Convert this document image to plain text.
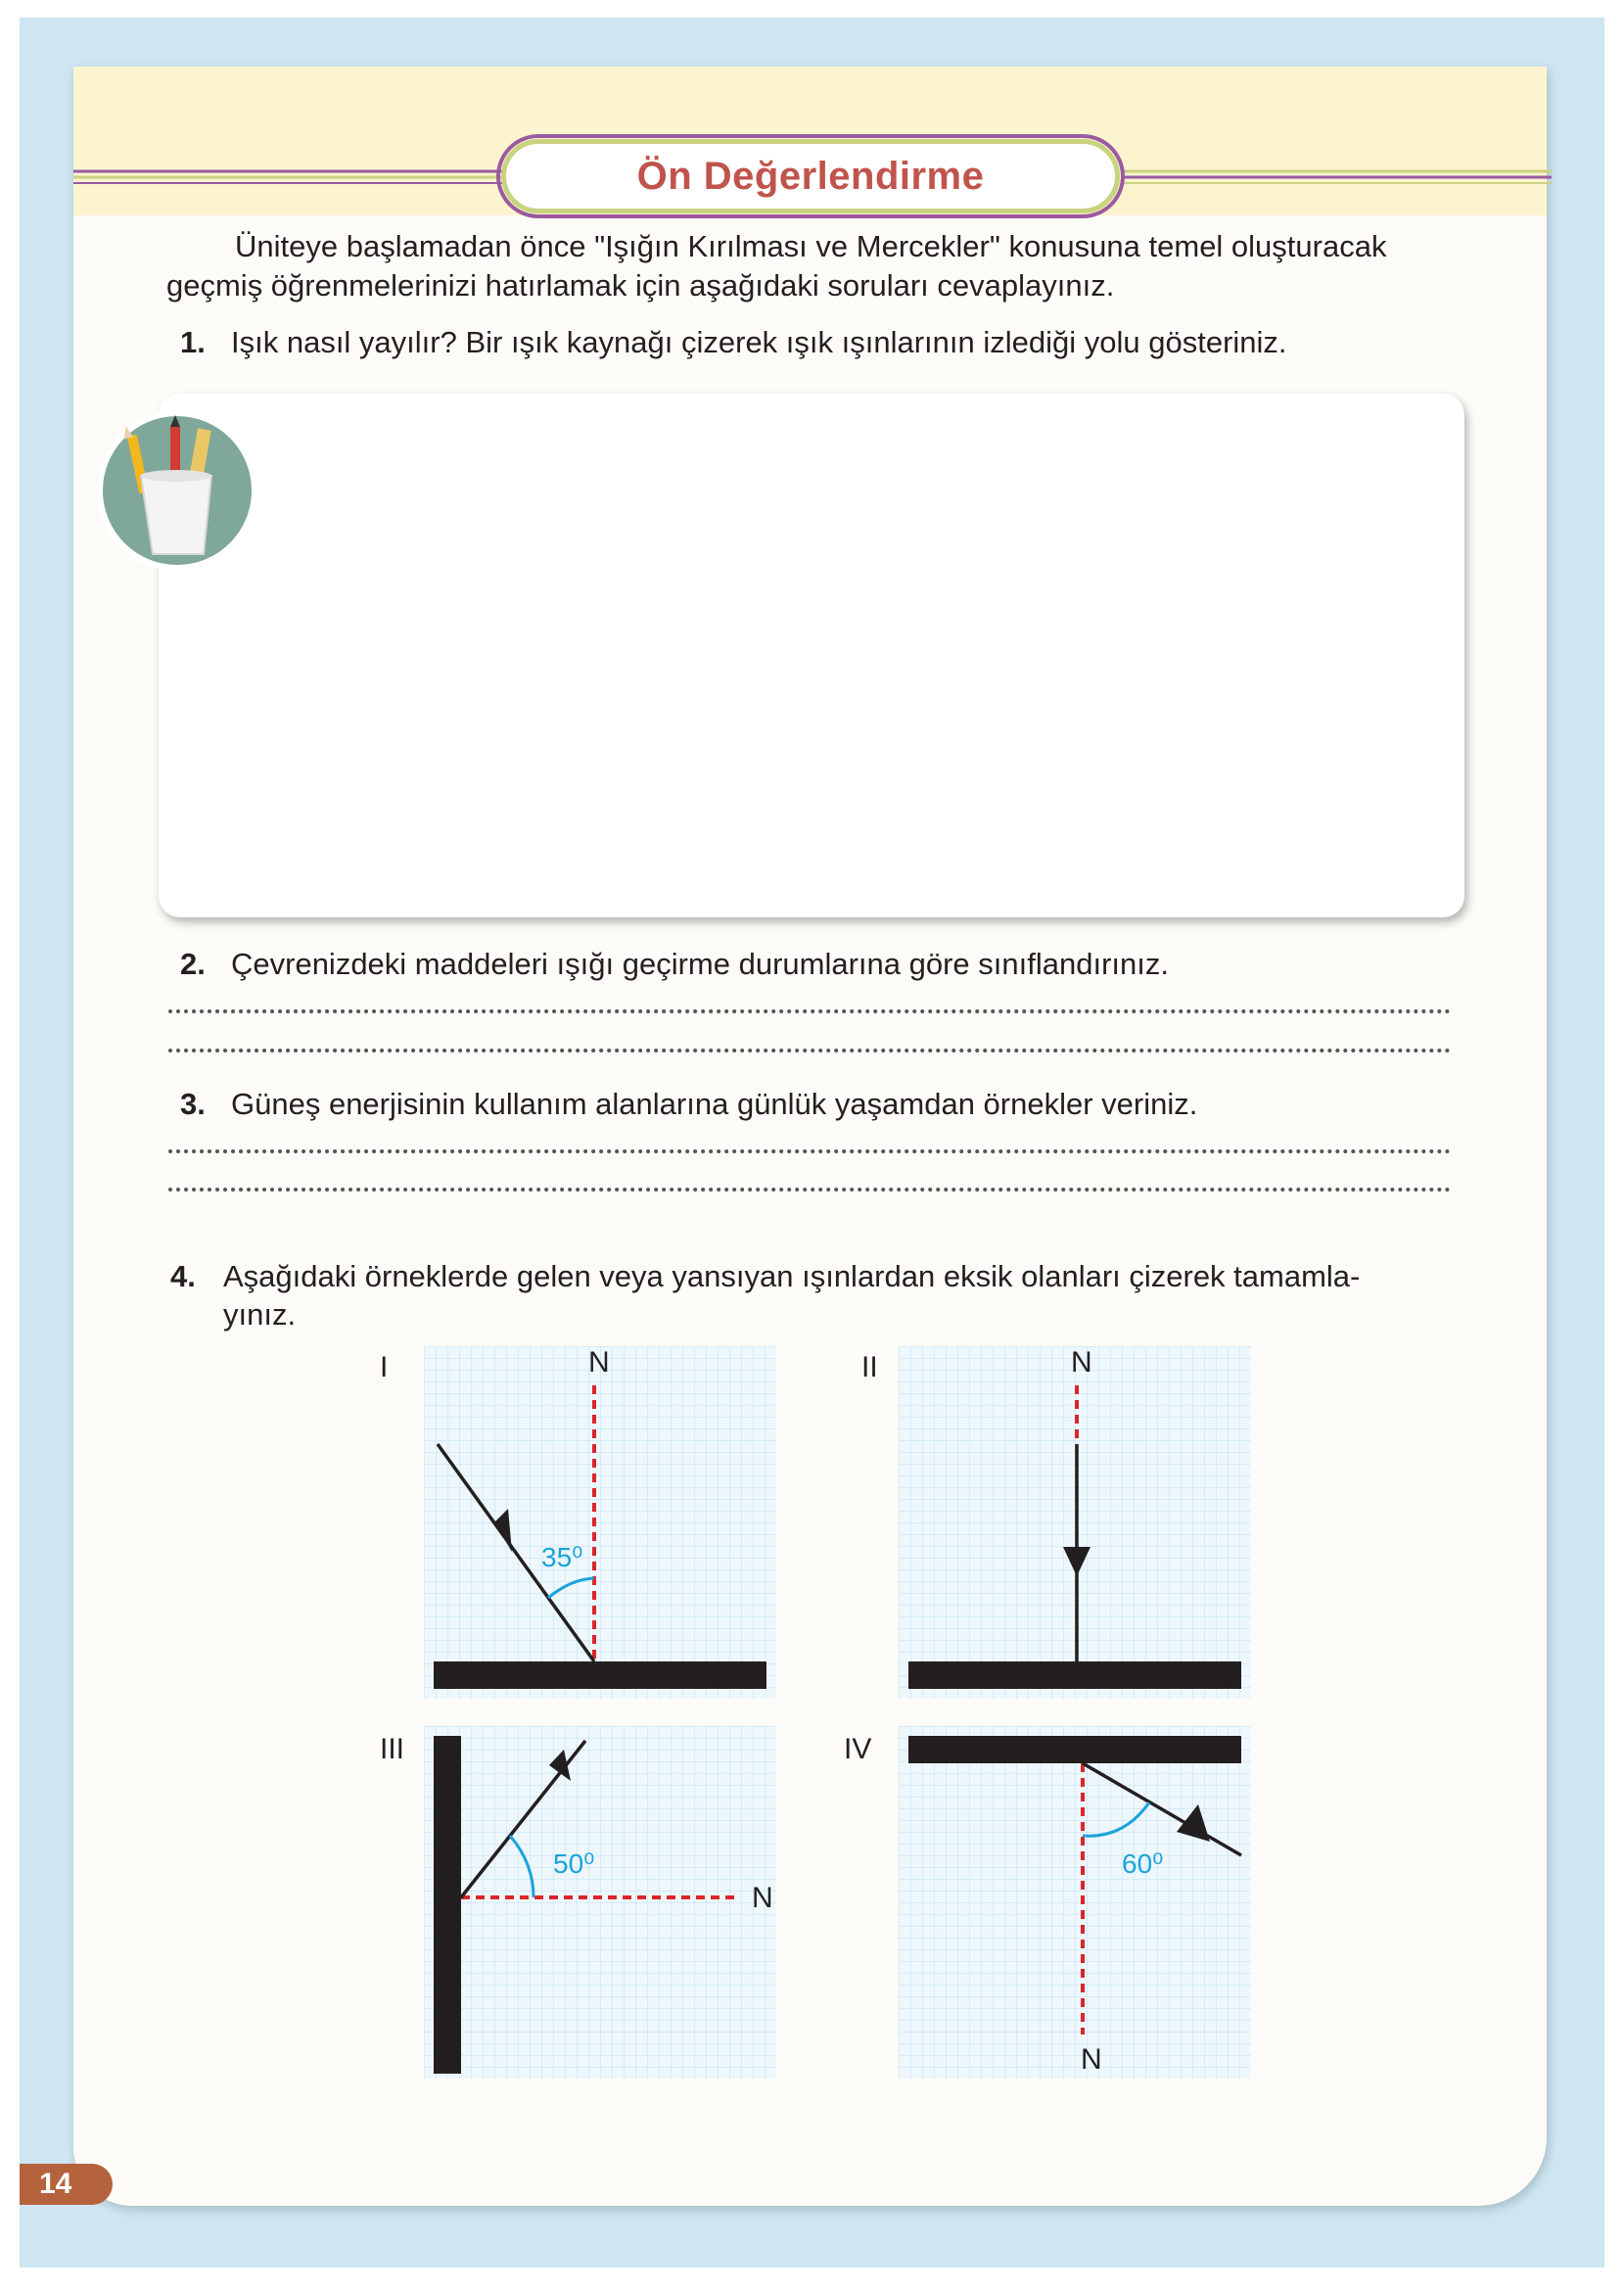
Ön Değerlendirme
Üniteye başlamadan önce "Işığın Kırılması ve Mercekler" konusuna temel oluşturacak geçmiş öğrenmelerinizi hatırlamak için aşağıdaki soruları cevaplayınız.
1. Işık nasıl yayılır? Bir ışık kaynağı çizerek ışık ışınlarının izlediği yolu gösteriniz.
2. Çevrenizdeki maddeleri ışığı geçirme durumlarına göre sınıflandırınız.
3. Güneş enerjisinin kullanım alanlarına günlük yaşamdan örnekler veriniz.
4. Aşağıdaki örneklerde gelen veya yansıyan ışınlardan eksik olanları çizerek tamamla-
yınız.
I	N
35⁰
II	N
III
N
50⁰
IV
N
60⁰
14
